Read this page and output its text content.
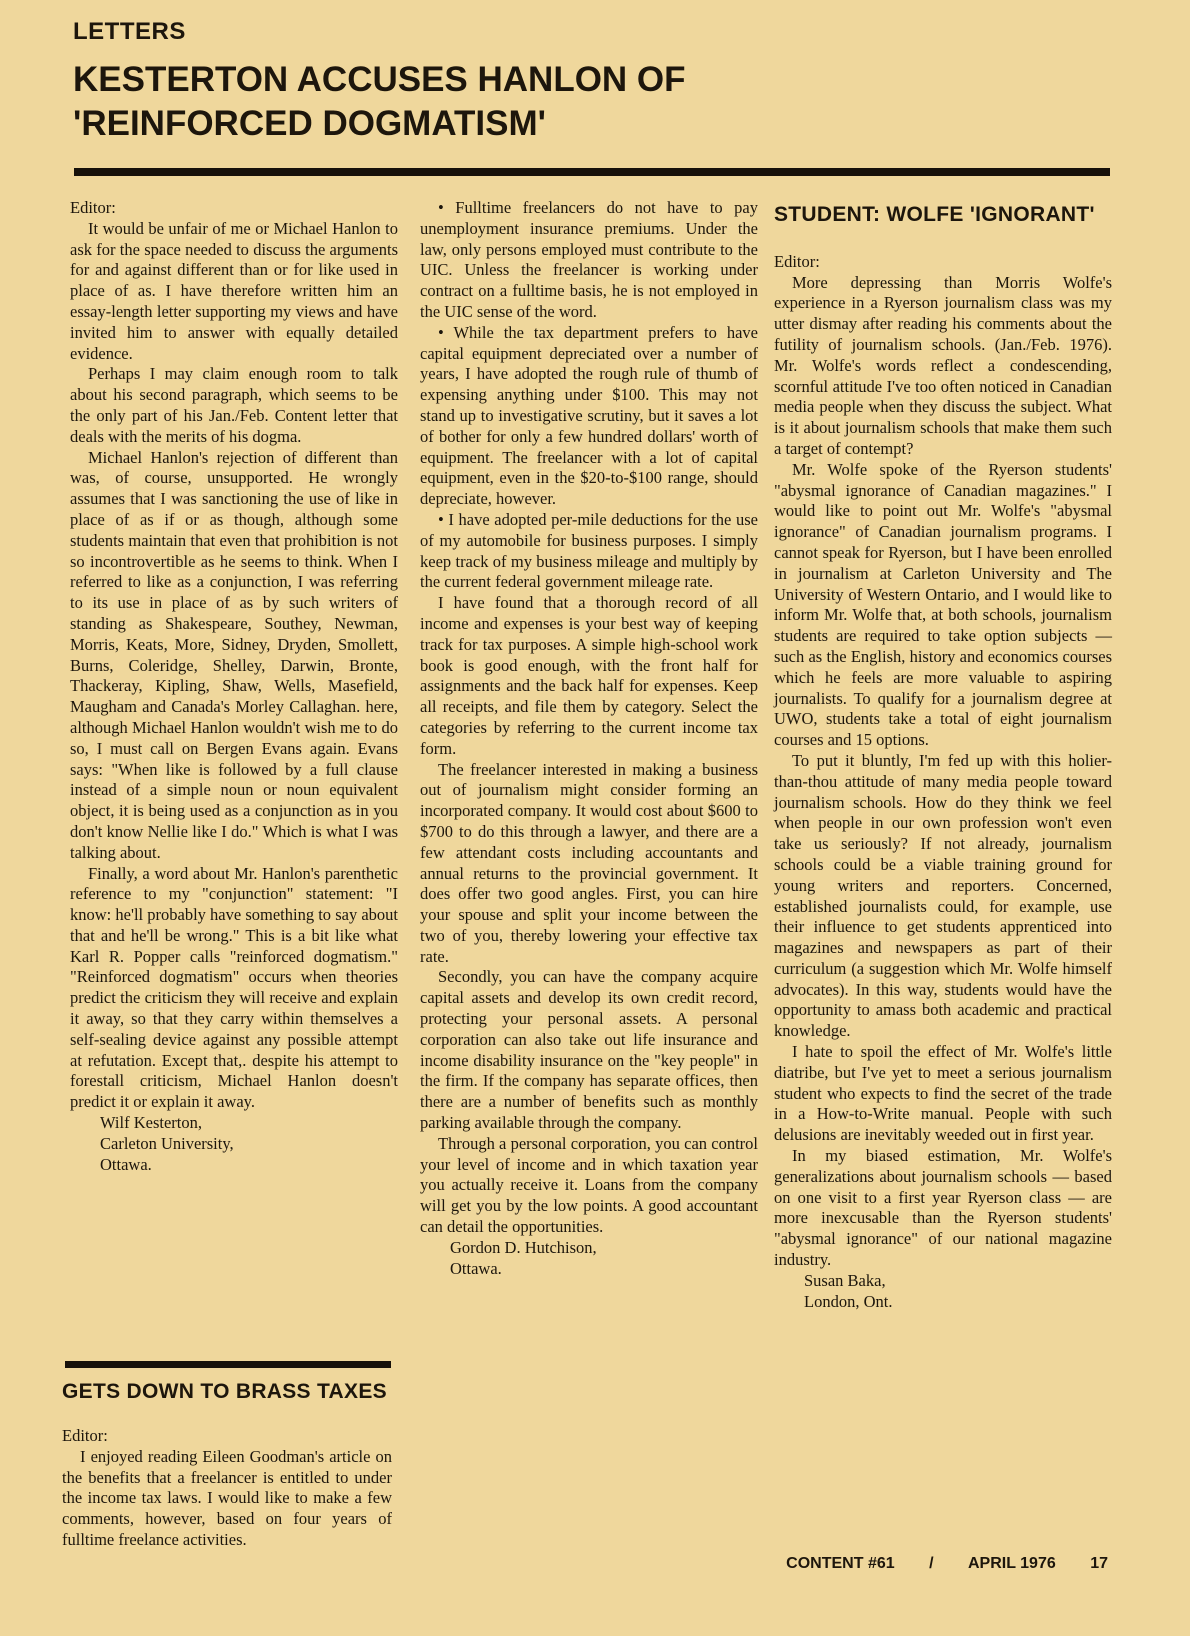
LETTERS
KESTERTON ACCUSES HANLON OF 'REINFORCED DOGMATISM'

Editor:

It would be unfair of me or Michael Hanlon to ask for the space needed to discuss the arguments for and against different than or for like used in place of as. I have therefore written him an essay-length letter supporting my views and have invited him to answer with equally detailed evidence.

Perhaps I may claim enough room to talk about his second paragraph, which seems to be the only part of his Jan./Feb. Content letter that deals with the merits of his dogma.

Michael Hanlon's rejection of different than was, of course, unsupported. He wrongly assumes that I was sanctioning the use of like in place of as if or as though, although some students maintain that even that prohibition is not so incontrovertible as he seems to think. When I referred to like as a conjunction, I was referring to its use in place of as by such writers of standing as Shakespeare, Southey, Newman, Morris, Keats, More, Sidney, Dryden, Smollett, Burns, Coleridge, Shelley, Darwin, Bronte, Thackeray, Kipling, Shaw, Wells, Masefield, Maugham and Canada's Morley Callaghan. here, although Michael Hanlon wouldn't wish me to do so, I must call on Bergen Evans again. Evans says: "When like is followed by a full clause instead of a simple noun or noun equivalent object, it is being used as a conjunction as in you don't know Nellie like I do." Which is what I was talking about.

Finally, a word about Mr. Hanlon's parenthetic reference to my "conjunction" statement: "I know: he'll probably have something to say about that and he'll be wrong." This is a bit like what Karl R. Popper calls "reinforced dogmatism." "Reinforced dogmatism" occurs when theories predict the criticism they will receive and explain it away, so that they carry within themselves a self-sealing device against any possible attempt at refutation. Except that,. despite his attempt to forestall criticism, Michael Hanlon doesn't predict it or explain it away.

Wilf Kesterton,

Carleton University,

Ottawa.

GETS DOWN TO BRASS TAXES

Editor:

I enjoyed reading Eileen Goodman's article on the benefits that a freelancer is entitled to under the income tax laws. I would like to make a few comments, however, based on four years of fulltime freelance activities.

• Fulltime freelancers do not have to pay unemployment insurance premiums. Under the law, only persons employed must contribute to the UIC. Unless the freelancer is working under contract on a fulltime basis, he is not employed in the UIC sense of the word.

• While the tax department prefers to have capital equipment depreciated over a number of years, I have adopted the rough rule of thumb of expensing anything under $100. This may not stand up to investigative scrutiny, but it saves a lot of bother for only a few hundred dollars' worth of equipment. The freelancer with a lot of capital equipment, even in the $20-to-$100 range, should depreciate, however.

• I have adopted per-mile deductions for the use of my automobile for business purposes. I simply keep track of my business mileage and multiply by the current federal government mileage rate.

I have found that a thorough record of all income and expenses is your best way of keeping track for tax purposes. A simple high-school work book is good enough, with the front half for assignments and the back half for expenses. Keep all receipts, and file them by category. Select the categories by referring to the current income tax form.

The freelancer interested in making a business out of journalism might consider forming an incorporated company. It would cost about $600 to $700 to do this through a lawyer, and there are a few attendant costs including accountants and annual returns to the provincial government. It does offer two good angles. First, you can hire your spouse and split your income between the two of you, thereby lowering your effective tax rate.

Secondly, you can have the company acquire capital assets and develop its own credit record, protecting your personal assets. A personal corporation can also take out life insurance and income disability insurance on the "key people" in the firm. If the company has separate offices, then there are a number of benefits such as monthly parking available through the company.

Through a personal corporation, you can control your level of income and in which taxation year you actually receive it. Loans from the company will get you by the low points. A good accountant can detail the opportunities.

Gordon D. Hutchison,

Ottawa.

STUDENT: WOLFE 'IGNORANT'

Editor:

More depressing than Morris Wolfe's experience in a Ryerson journalism class was my utter dismay after reading his comments about the futility of journalism schools. (Jan./Feb. 1976). Mr. Wolfe's words reflect a condescending, scornful attitude I've too often noticed in Canadian media people when they discuss the subject. What is it about journalism schools that make them such a target of contempt?

Mr. Wolfe spoke of the Ryerson students' "abysmal ignorance of Canadian magazines." I would like to point out Mr. Wolfe's "abysmal ignorance" of Canadian journalism programs. I cannot speak for Ryerson, but I have been enrolled in journalism at Carleton University and The University of Western Ontario, and I would like to inform Mr. Wolfe that, at both schools, journalism students are required to take option subjects — such as the English, history and economics courses which he feels are more valuable to aspiring journalists. To qualify for a journalism degree at UWO, students take a total of eight journalism courses and 15 options.

To put it bluntly, I'm fed up with this holier-than-thou attitude of many media people toward journalism schools. How do they think we feel when people in our own profession won't even take us seriously? If not already, journalism schools could be a viable training ground for young writers and reporters. Concerned, established journalists could, for example, use their influence to get students apprenticed into magazines and newspapers as part of their curriculum (a suggestion which Mr. Wolfe himself advocates). In this way, students would have the opportunity to amass both academic and practical knowledge.

I hate to spoil the effect of Mr. Wolfe's little diatribe, but I've yet to meet a serious journalism student who expects to find the secret of the trade in a How-to-Write manual. People with such delusions are inevitably weeded out in first year.

In my biased estimation, Mr. Wolfe's generalizations about journalism schools — based on one visit to a first year Ryerson class — are more inexcusable than the Ryerson students' "abysmal ignorance" of our national magazine industry.

Susan Baka,

London, Ont.

CONTENT #61 / APRIL 1976 17
